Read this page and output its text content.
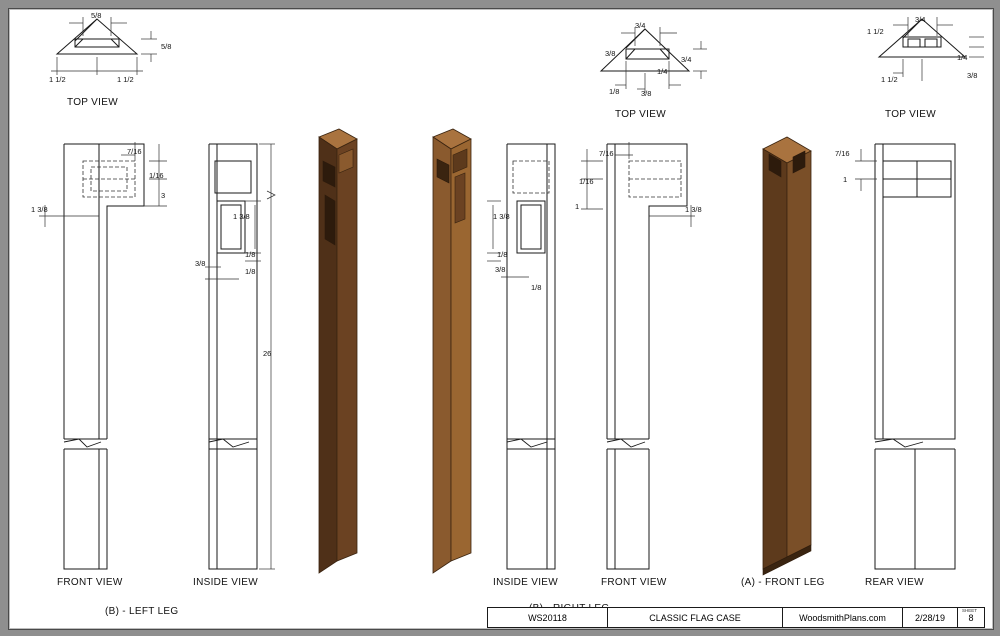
5/8
5/8
1 1/2	1 1/2
TOP VIEW
3/4
3/8
3/4
1/8
1/4
3/8
TOP VIEW
1 1/2
3/4
1/4
3/8
1 1/2
TOP VIEW
7/16
1/16
3
1 3/8
1 3/8
1/8
3/8
1/8
26
1 3/8
1/8
3/8
1/8
7/16
1/16
1	1 3/8
7/16
1
FRONT VIEW	INSIDE VIEW	INSIDE VIEW	FRONT VIEW	REAR VIEW
(B) - LEFT LEG
(A) - FRONT LEG
WS20118	CLASSIC FLAG CASE	WoodsmithPlans.com	2/28/19
SHEET
8
